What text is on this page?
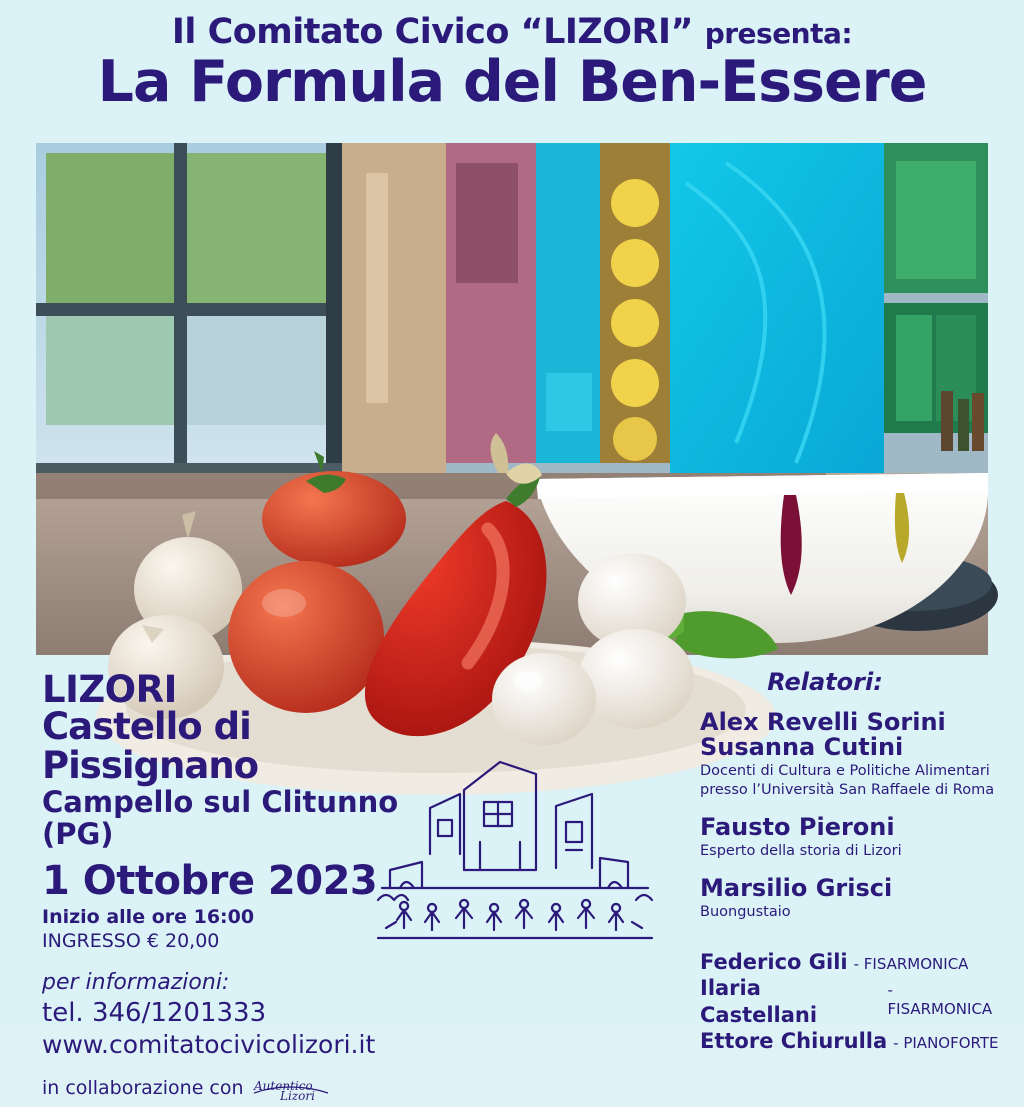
Il Comitato Civico “LIZORI” presenta:
La Formula del Ben-Essere
LIZORI
Castello di Pissignano
Campello sul Clitunno (PG)
1 Ottobre 2023
Inizio alle ore 16:00
INGRESSO € 20,00
per informazioni:
tel. 346/1201333
www.comitatocivicolizori.it
in collaborazione con Autentico
Lizori
Relatori:
Alex Revelli Sorini
Susanna Cutini
Docenti di Cultura e Politiche Alimentari
presso l’Università San Raffaele di Roma
Fausto Pieroni
Esperto della storia di Lizori
Marsilio Grisci
Buongustaio
Federico Gili - FISARMONICA
Ilaria Castellani
- FISARMONICA
Ettore Chiurulla - PIANOFORTE
